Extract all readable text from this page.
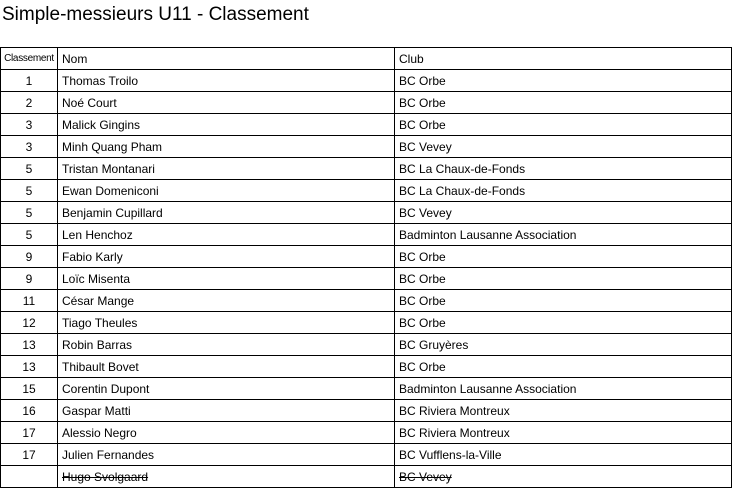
Simple-messieurs U11 - Classement
Classement	Nom	Club
1	Thomas Troilo	BC Orbe
2	Noé Court	BC Orbe
3	Malick Gingins	BC Orbe
3	Minh Quang Pham	BC Vevey
5	Tristan Montanari	BC La Chaux-de-Fonds
5	Ewan Domeniconi	BC La Chaux-de-Fonds
5	Benjamin Cupillard	BC Vevey
5	Len Henchoz	Badminton Lausanne Association
9	Fabio Karly	BC Orbe
9	Loïc Misenta	BC Orbe
11	César Mange	BC Orbe
12	Tiago Theules	BC Orbe
13	Robin Barras	BC Gruyères
13	Thibault Bovet	BC Orbe
15	Corentin Dupont	Badminton Lausanne Association
16	Gaspar Matti	BC Riviera Montreux
17	Alessio Negro	BC Riviera Montreux
17	Julien Fernandes	BC Vufflens-la-Ville
	Hugo Svolgaard	BC Vevey
